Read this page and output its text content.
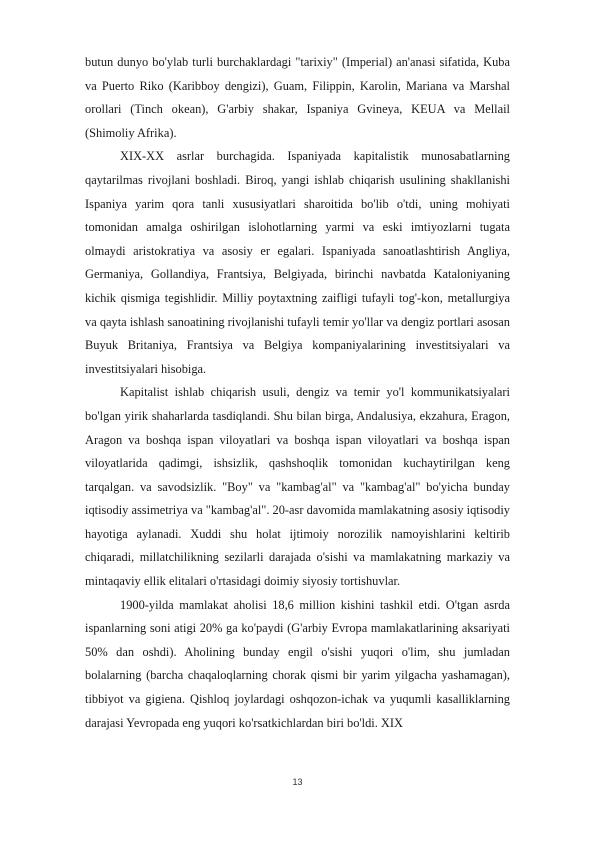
butun dunyo bo'ylab turli burchaklardagi "tarixiy" (Imperial) an'anasi sifatida, Kuba va Puerto Riko (Karibboy dengizi), Guam, Filippin, Karolin, Mariana va Marshal orollari (Tinch okean), G'arbiy shakar, Ispaniya Gvineya, KEUA va Mellail (Shimoliy Afrika).

XIX-XX asrlar burchagida. Ispaniyada kapitalistik munosabatlarning qaytarilmas rivojlani boshladi. Biroq, yangi ishlab chiqarish usulining shakllanishi Ispaniya yarim qora tanli xususiyatlari sharoitida bo'lib o'tdi, uning mohiyati tomonidan amalga oshirilgan islohotlarning yarmi va eski imtiyozlarni tugata olmaydi aristokratiya va asosiy er egalari. Ispaniyada sanoatlashtirish Angliya, Germaniya, Gollandiya, Frantsiya, Belgiyada, birinchi navbatda Kataloniyaning kichik qismiga tegishlidir. Milliy poytaxtning zaifligi tufayli tog'-kon, metallurgiya va qayta ishlash sanoatining rivojlanishi tufayli temir yo'llar va dengiz portlari asosan Buyuk Britaniya, Frantsiya va Belgiya kompaniyalarining investitsiyalari va investitsiyalari hisobiga.

Kapitalist ishlab chiqarish usuli, dengiz va temir yo'l kommunikatsiyalari bo'lgan yirik shaharlarda tasdiqlandi. Shu bilan birga, Andalusiya, ekzahura, Eragon, Aragon va boshqa ispan viloyatlari va boshqa ispan viloyatlari va boshqa ispan viloyatlarida qadimgi, ishsizlik, qashshoqlik tomonidan kuchaytirilgan keng tarqalgan. va savodsizlik. "Boy" va "kambag'al" va "kambag'al" bo'yicha bunday iqtisodiy assimetriya va "kambag'al". 20-asr davomida mamlakatning asosiy iqtisodiy hayotiga aylanadi. Xuddi shu holat ijtimoiy norozilik namoyishlarini keltirib chiqaradi, millatchilikning sezilarli darajada o'sishi va mamlakatning markaziy va mintaqaviy ellik elitalari o'rtasidagi doimiy siyosiy tortishuvlar.

1900-yilda mamlakat aholisi 18,6 million kishini tashkil etdi. O'tgan asrda ispanlarning soni atigi 20% ga ko'paydi (G'arbiy Evropa mamlakatlarining aksariyati 50% dan oshdi). Aholining bunday engil o'sishi yuqori o'lim, shu jumladan bolalarning (barcha chaqaloqlarning chorak qismi bir yarim yilgacha yashamagan), tibbiyot va gigiena. Qishloq joylardagi oshqozon-ichak va yuqumli kasalliklarning darajasi Yevropada eng yuqori ko'rsatkichlardan biri bo'ldi. XIX

13
